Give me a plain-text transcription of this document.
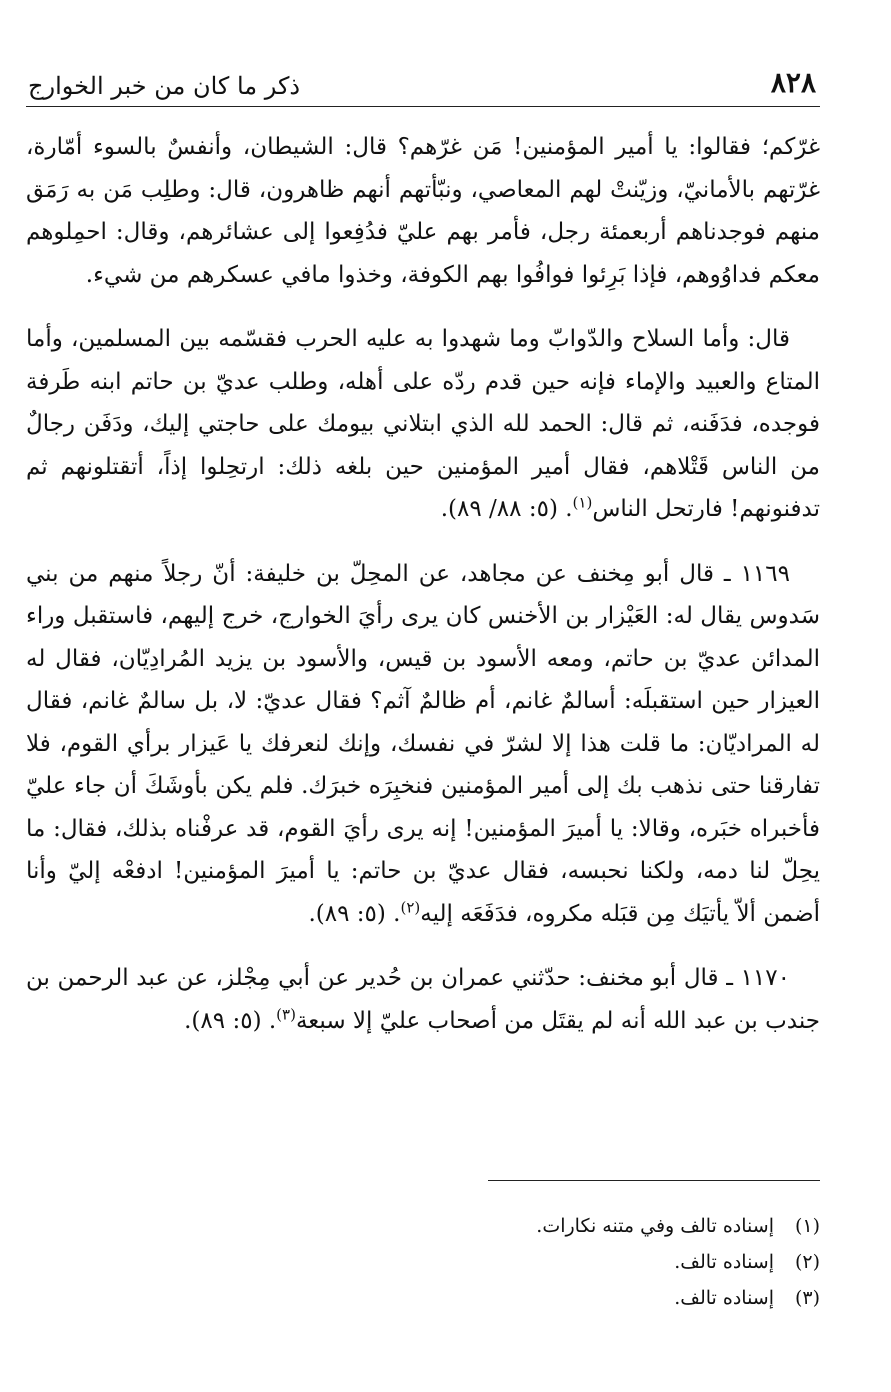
٨٢٨
ذكر ما كان من خبر الخوارج

غرّكم؛ فقالوا: يا أمير المؤمنين! مَن غرّهم؟ قال: الشيطان، وأنفسٌ بالسوء أمّارة، غرّتهم بالأمانيّ، وزيّنتْ لهم المعاصي، ونبّأتهم أنهم ظاهرون، قال: وطلِب مَن به رَمَق منهم فوجدناهم أربعمئة رجل، فأمر بهم عليّ فدُفِعوا إلى عشائرهم، وقال: احمِلوهم معكم فداوُوهم، فإذا بَرِئوا فوافُوا بهم الكوفة، وخذوا مافي عسكرهم من شيء.

قال: وأما السلاح والدّوابّ وما شهدوا به عليه الحرب فقسّمه بين المسلمين، وأما المتاع والعبيد والإماء فإنه حين قدم ردّه على أهله، وطلب عديّ بن حاتم ابنه طَرفة فوجده، فدَفَنه، ثم قال: الحمد لله الذي ابتلاني بيومك على حاجتي إليك، ودَفَن رجالٌ من الناس قَتْلاهم، فقال أمير المؤمنين حين بلغه ذلك: ارتحِلوا إذاً، أتقتلونهم ثم تدفنونهم! فارتحل الناس$^{(١)}$. (٥: ٨٨/ ٨٩).

١١٦٩ ـ قال أبو مِخنف عن مجاهد، عن المحِلّ بن خليفة: أنّ رجلاً منهم من بني سَدوس يقال له: العَيْزار بن الأخنس كان يرى رأيَ الخوارج، خرج إليهم، فاستقبل وراء المدائن عديّ بن حاتم، ومعه الأسود بن قيس، والأسود بن يزيد المُرادِيّان، فقال له العيزار حين استقبلَه: أسالمٌ غانم، أم ظالمٌ آثم؟ فقال عديّ: لا، بل سالمٌ غانم، فقال له المراديّان: ما قلت هذا إلا لشرّ في نفسك، وإنك لنعرفك يا عَيزار برأي القوم، فلا تفارقنا حتى نذهب بك إلى أمير المؤمنين فنخبِرَه خبرَك. فلم يكن بأوشَكَ أن جاء عليّ فأخبراه خبَره، وقالا: يا أميرَ المؤمنين! إنه يرى رأيَ القوم، قد عرفْناه بذلك، فقال: ما يحِلّ لنا دمه، ولكنا نحبسه، فقال عديّ بن حاتم: يا أميرَ المؤمنين! ادفعْه إليّ وأنا أضمن ألاّ يأتيَك مِن قبَله مكروه، فدَفَعَه إليه$^{(٢)}$. (٥: ٨٩).

١١٧٠ ـ قال أبو مخنف: حدّثني عمران بن حُدير عن أبي مِجْلز، عن عبد الرحمن بن جندب بن عبد الله أنه لم يقتَل من أصحاب عليّ إلا سبعة$^{(٣)}$. (٥: ٨٩).

(١)
إسناده تالف وفي متنه نكارات.
(٢)
إسناده تالف.
(٣)
إسناده تالف.
